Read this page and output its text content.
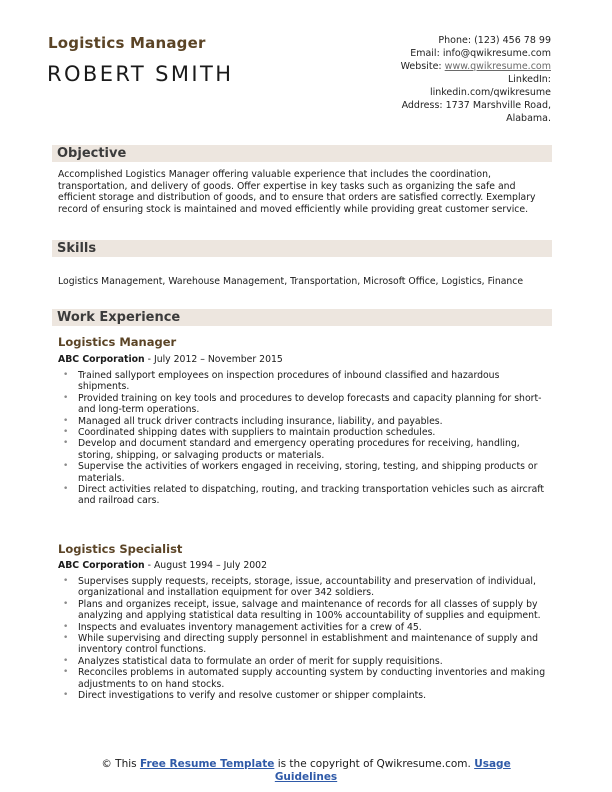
Logistics Manager
ROBERT SMITH
Phone: (123) 456 78 99
Email: info@qwikresume.com
Website: www.qwikresume.com
LinkedIn:
linkedin.com/qwikresume
Address: 1737 Marshville Road,
Alabama.
Objective
Accomplished Logistics Manager offering valuable experience that includes the coordination, transportation, and delivery of goods. Offer expertise in key tasks such as organizing the safe and efficient storage and distribution of goods, and to ensure that orders are satisfied correctly. Exemplary record of ensuring stock is maintained and moved efficiently while providing great customer service.
Skills
Logistics Management, Warehouse Management, Transportation, Microsoft Office, Logistics, Finance
Work Experience
Logistics Manager
ABC Corporation - July 2012 – November 2015
• Trained sallyport employees on inspection procedures of inbound classified and hazardous shipments.
• Provided training on key tools and procedures to develop forecasts and capacity planning for short- and long-term operations.
• Managed all truck driver contracts including insurance, liability, and payables.
• Coordinated shipping dates with suppliers to maintain production schedules.
• Develop and document standard and emergency operating procedures for receiving, handling, storing, shipping, or salvaging products or materials.
• Supervise the activities of workers engaged in receiving, storing, testing, and shipping products or materials.
• Direct activities related to dispatching, routing, and tracking transportation vehicles such as aircraft and railroad cars.
Logistics Specialist
ABC Corporation - August 1994 – July 2002
• Supervises supply requests, receipts, storage, issue, accountability and preservation of individual, organizational and installation equipment for over 342 soldiers.
• Plans and organizes receipt, issue, salvage and maintenance of records for all classes of supply by analyzing and applying statistical data resulting in 100% accountability of supplies and equipment.
• Inspects and evaluates inventory management activities for a crew of 45.
• While supervising and directing supply personnel in establishment and maintenance of supply and inventory control functions.
• Analyzes statistical data to formulate an order of merit for supply requisitions.
• Reconciles problems in automated supply accounting system by conducting inventories and making adjustments to on hand stocks.
• Direct investigations to verify and resolve customer or shipper complaints.
© This Free Resume Template is the copyright of Qwikresume.com. Usage Guidelines
